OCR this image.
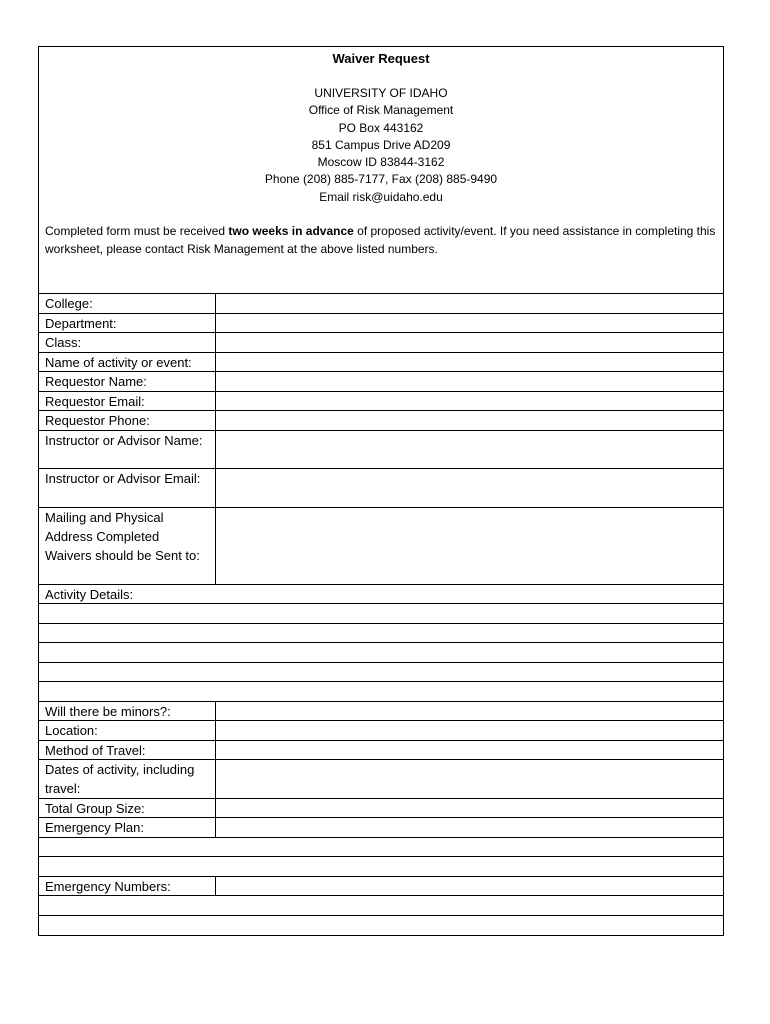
Waiver Request
UNIVERSITY OF IDAHO
Office of Risk Management
PO Box 443162
851 Campus Drive AD209
Moscow ID 83844-3162
Phone (208) 885-7177, Fax (208) 885-9490
Email risk@uidaho.edu
Completed form must be received two weeks in advance of proposed activity/event. If you need assistance in completing this worksheet, please contact Risk Management at the above listed numbers.
College:
Department:
Class:
Name of activity or event:
Requestor Name:
Requestor Email:
Requestor Phone:
Instructor or Advisor Name:
Instructor or Advisor Email:
Mailing and Physical Address Completed Waivers should be Sent to:
Activity Details:
Will there be minors?:
Location:
Method of Travel:
Dates of activity, including travel:
Total Group Size:
Emergency Plan:
Emergency Numbers:
